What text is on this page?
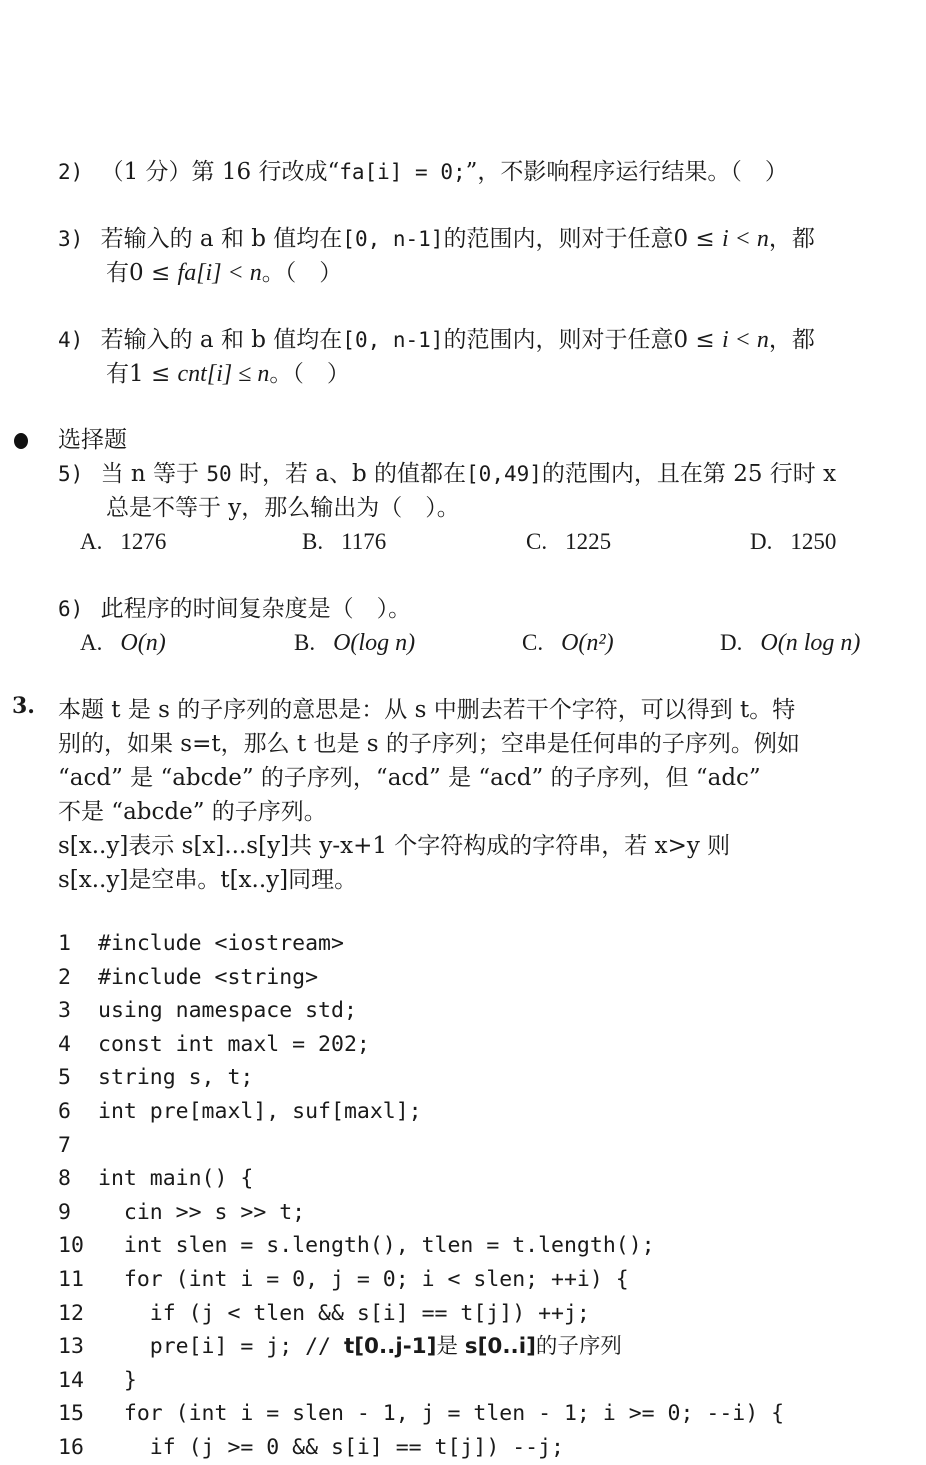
2) （1 分）第 16 行改成“fa[i] = 0;”，不影响程序运行结果。（　）
3) 若输入的 a 和 b 值均在[0, n-1]的范围内，则对于任意0 ≤ i < n，都
有0 ≤ fa[i] < n。（　）
4) 若输入的 a 和 b 值均在[0, n-1]的范围内，则对于任意0 ≤ i < n，都
有1 ≤ cnt[i] ≤ n。（　）
选择题
5) 当 n 等于 50 时，若 a、b 的值都在[0,49]的范围内，且在第 25 行时 x
总是不等于 y，那么输出为（　）。
A. 1276	B. 1176	C. 1225	D. 1250
6) 此程序的时间复杂度是（　）。
A. O(n)	B. O(log n)	C. O(n²)	D. O(n log n)
3. 本题 t 是 s 的子序列的意思是：从 s 中删去若干个字符，可以得到 t。特
别的，如果 s=t，那么 t 也是 s 的子序列；空串是任何串的子序列。例如
“acd” 是 “abcde” 的子序列，“acd” 是 “acd” 的子序列，但 “adc”
不是 “abcde” 的子序列。
s[x..y]表示 s[x]...s[y]共 y-x+1 个字符构成的字符串，若 x>y 则
s[x..y]是空串。t[x..y]同理。
1 #include <iostream>
2 #include <string>
3 using namespace std;
4 const int maxl = 202;
5 string s, t;
6 int pre[maxl], suf[maxl];
7
8 int main() {
9  cin >> s >> t;
10  int slen = s.length(), tlen = t.length();
11  for (int i = 0, j = 0; i < slen; ++i) {
12    if (j < tlen && s[i] == t[j]) ++j;
13    pre[i] = j; // t[0..j-1]是 s[0..i]的子序列
14  }
15  for (int i = slen - 1, j = tlen - 1; i >= 0; --i) {
16    if (j >= 0 && s[i] == t[j]) --j;
